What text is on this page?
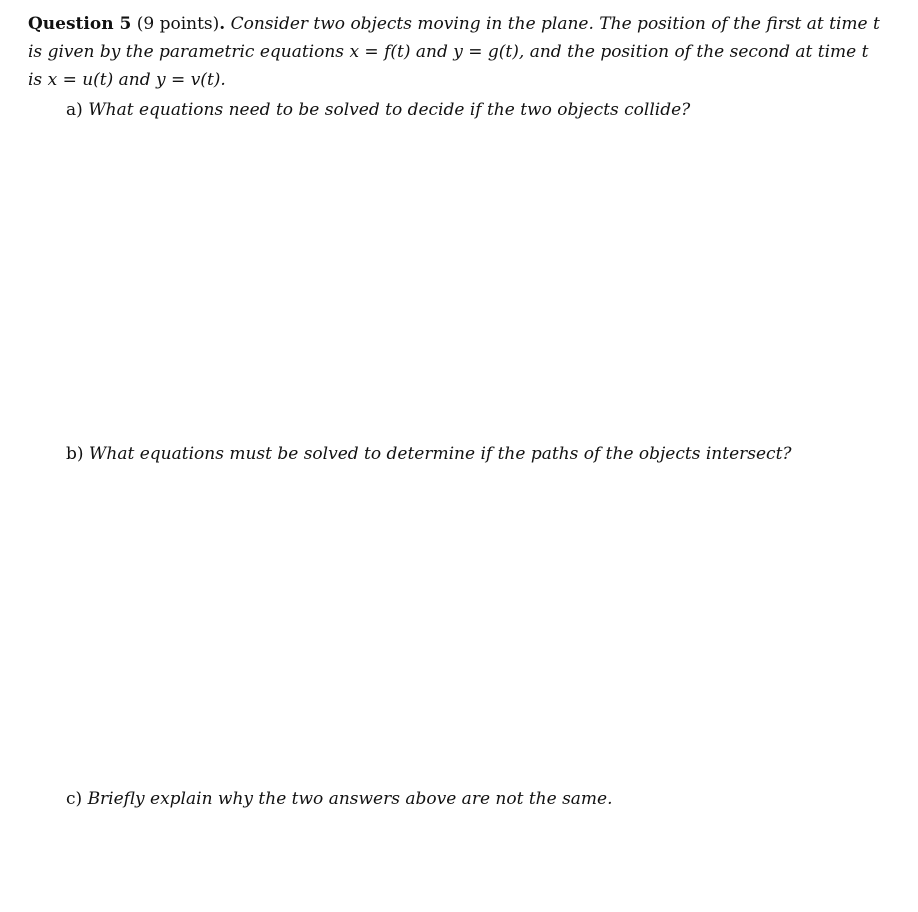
Question 5 (9 points). Consider two objects moving in the plane. The position of the first at time t is given by the parametric equations x = f(t) and y = g(t), and the position of the second at time t is x = u(t) and y = v(t).
a) What equations need to be solved to decide if the two objects collide?
b) What equations must be solved to determine if the paths of the objects intersect?
c) Briefly explain why the two answers above are not the same.
